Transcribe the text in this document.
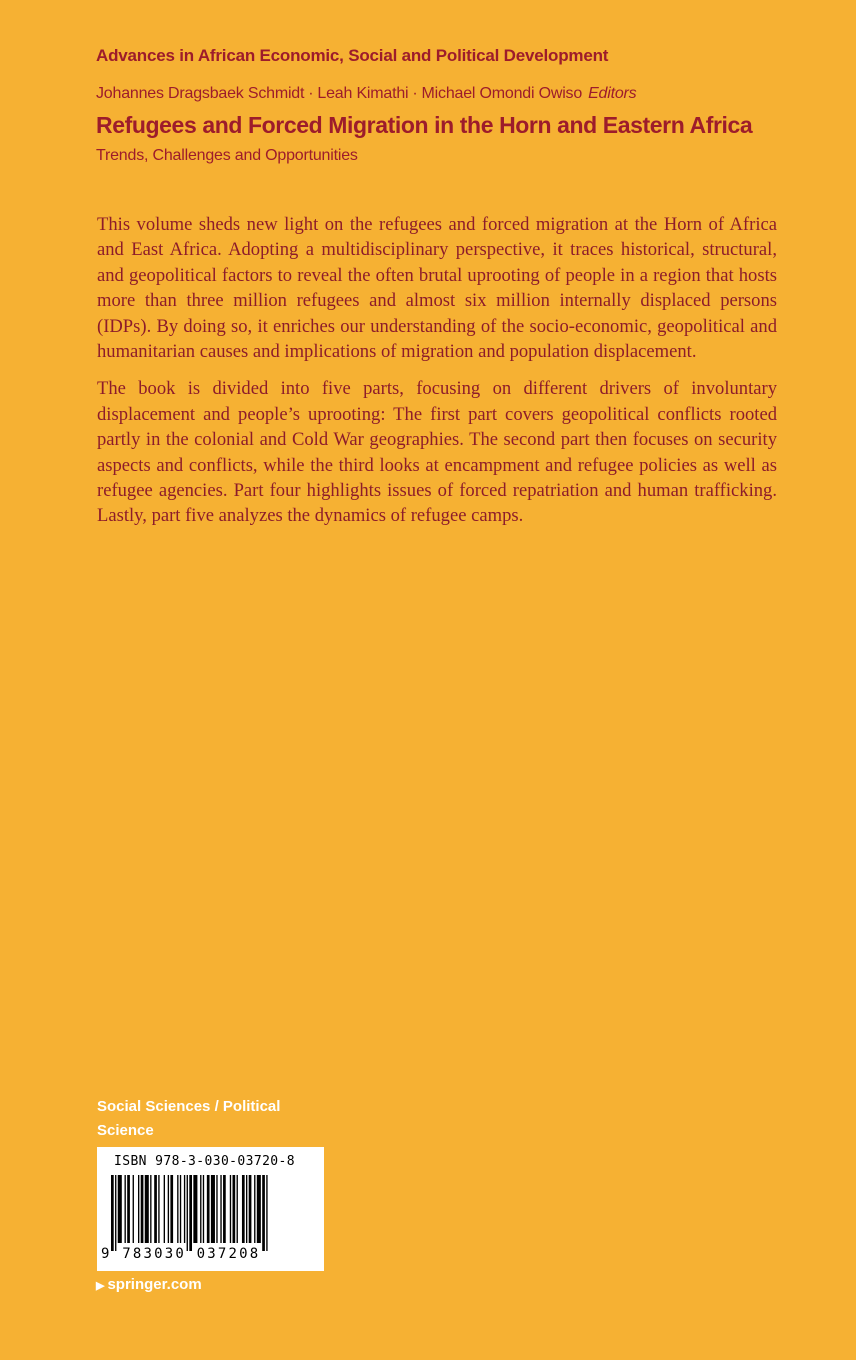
Advances in African Economic, Social and Political Development
Johannes Dragsbaek Schmidt · Leah Kimathi · Michael Omondi Owiso Editors
Refugees and Forced Migration in the Horn and Eastern Africa
Trends, Challenges and Opportunities

This volume sheds new light on the refugees and forced migration at the Horn of Africa and East Africa. Adopting a multidisciplinary perspective, it traces historical, structural, and geopolitical factors to reveal the often brutal uprooting of people in a region that hosts more than three million refugees and almost six million internally displaced persons (IDPs). By doing so, it enriches our understanding of the socio-economic, geopolitical and humanitarian causes and implications of migration and population displacement.

The book is divided into five parts, focusing on different drivers of involuntary displacement and people’s uprooting: The first part covers geopolitical conflicts rooted partly in the colonial and Cold War geographies. The second part then focuses on security aspects and conflicts, while the third looks at encampment and refugee policies as well as refugee agencies. Part four highlights issues of forced repatriation and human trafficking. Lastly, part five analyzes the dynamics of refugee camps.

Social Sciences / Political Science
ISBN 978-3-030-03720-8
9 783030 037208
▶ springer.com
